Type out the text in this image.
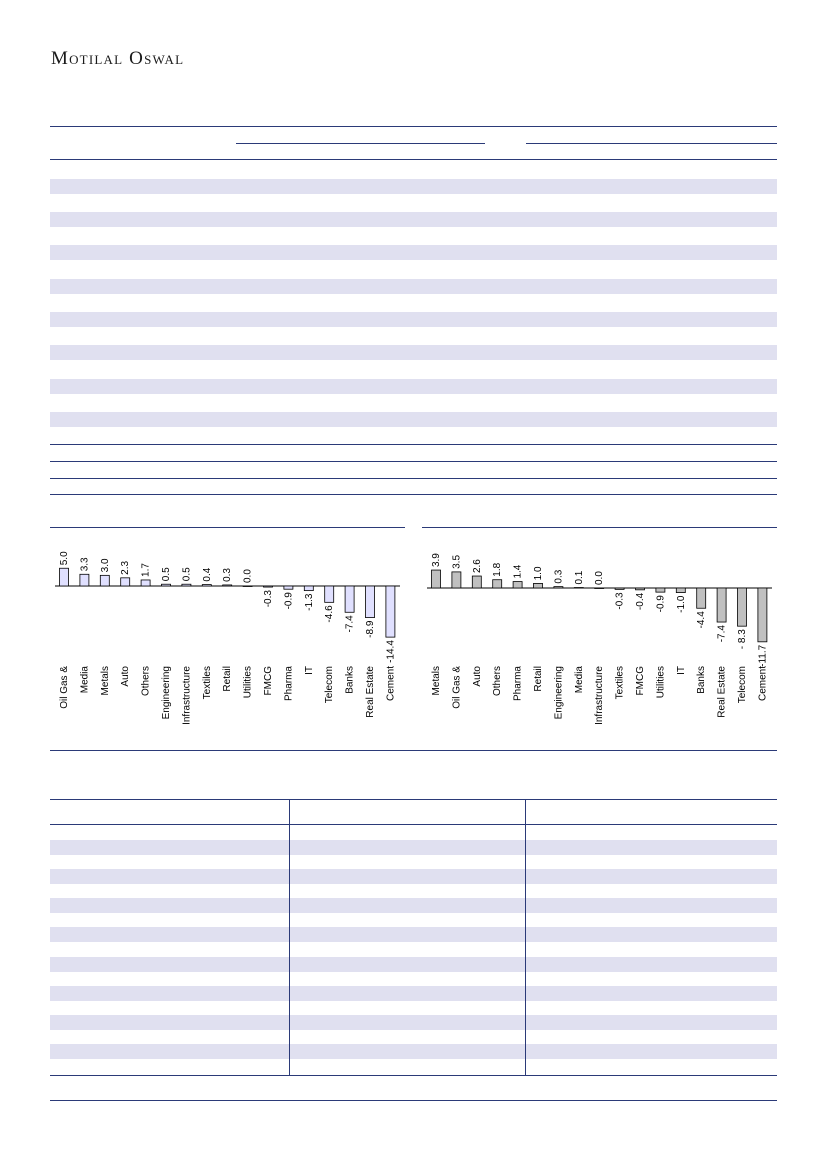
Motilal Oswal
5.0
Oil Gas &
3.3
Media
3.0
Metals
2.3
Auto
1.7
Others
0.5
Engineering
0.5
Infrastructure
0.4
Textiles
0.3
Retail
0.0
Utilities
-0.3
FMCG
-0.9
Pharma
-1.3
IT
-4.6
Telecom
-7.4
Banks
-8.9
Real Estate
-14.4
Cement
3.9
Metals
3.5
Oil Gas &
2.6
Auto
1.8
Others
1.4
Pharma
1.0
Retail
0.3
Engineering
0.1
Media
0.0
Infrastructure
-0.3
Textiles
-0.4
FMCG
-0.9
Utilities
-1.0
IT
-4.4
Banks
-7.4
Real Estate
- 8.3
Telecom
-11.7
Cement
